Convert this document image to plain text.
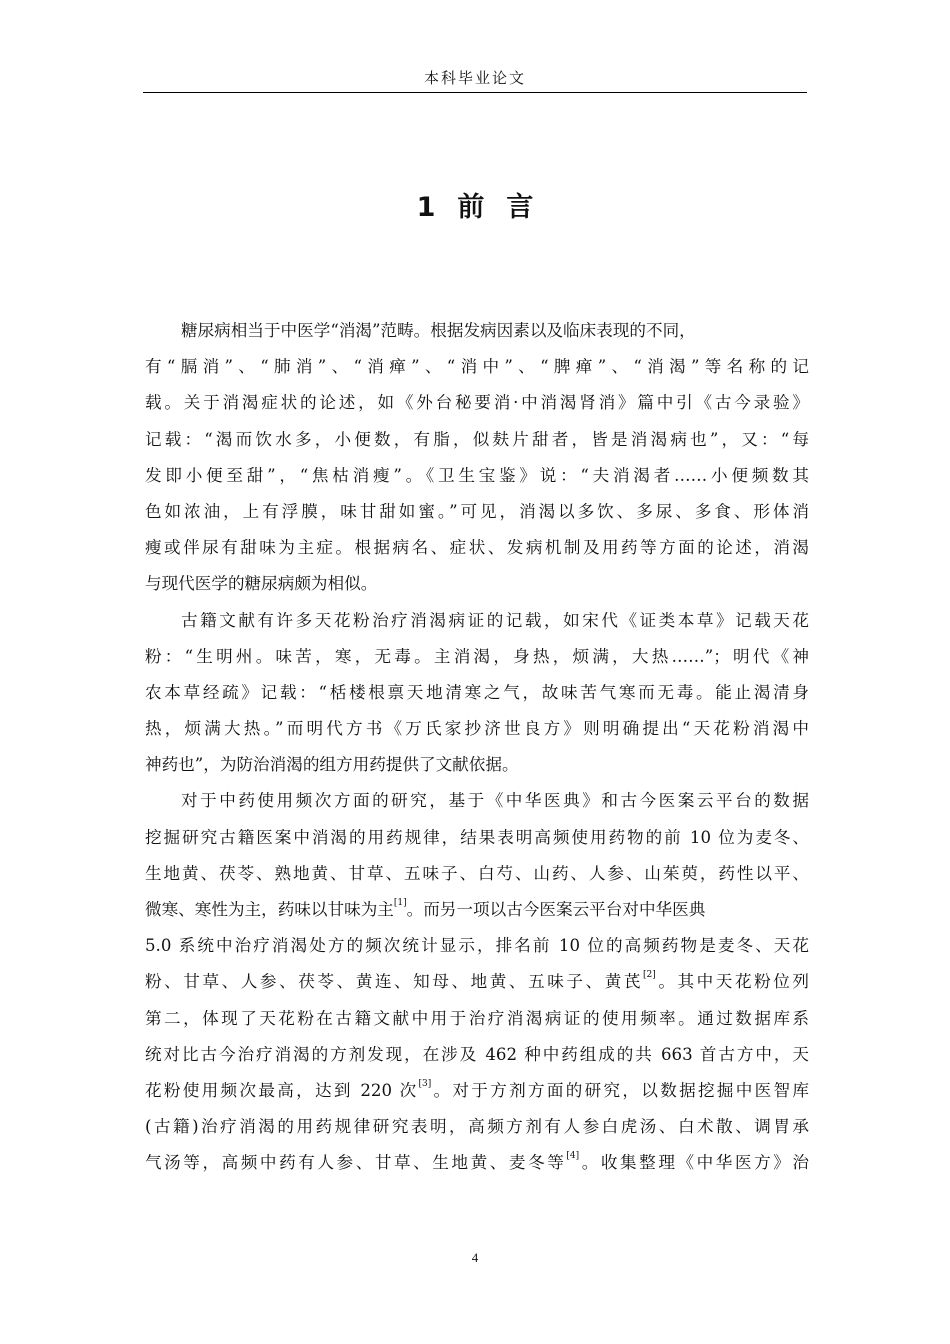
本科毕业论文
1 前 言
糖尿病相当于中医学“消渴”范畴。根据发病因素以及临床表现的不同，
有“膈消”、“肺消”、“消瘅”、“消中”、“脾瘅”、“消渴”等名称的记
载。关于消渴症状的论述，如《外台秘要消·中消渴肾消》篇中引《古今录验》
记载：“渴而饮水多，小便数，有脂，似麸片甜者，皆是消渴病也”，又：“每
发即小便至甜”，“焦枯消瘦”。《卫生宝鉴》说：“夫消渴者……小便频数其
色如浓油，上有浮膜，味甘甜如蜜。”可见，消渴以多饮、多尿、多食、形体消
瘦或伴尿有甜味为主症。根据病名、症状、发病机制及用药等方面的论述，消渴
与现代医学的糖尿病颇为相似。
古籍文献有许多天花粉治疗消渴病证的记载，如宋代《证类本草》记载天花
粉：“生明州。味苦，寒，无毒。主消渴，身热，烦满，大热……”；明代《神
农本草经疏》记载：“栝楼根禀天地清寒之气，故味苦气寒而无毒。能止渴清身
热，烦满大热。”而明代方书《万氏家抄济世良方》则明确提出“天花粉消渴中
神药也”，为防治消渴的组方用药提供了文献依据。
对于中药使用频次方面的研究，基于《中华医典》和古今医案云平台的数据
挖掘研究古籍医案中消渴的用药规律，结果表明高频使用药物的前 10 位为麦冬、
生地黄、茯苓、熟地黄、甘草、五味子、白芍、山药、人参、山茱萸，药性以平、
微寒、寒性为主，药味以甘味为主[1]。而另一项以古今医案云平台对中华医典
5.0 系统中治疗消渴处方的频次统计显示，排名前 10 位的高频药物是麦冬、天花
粉、甘草、人参、茯苓、黄连、知母、地黄、五味子、黄芪[2]。其中天花粉位列
第二，体现了天花粉在古籍文献中用于治疗消渴病证的使用频率。通过数据库系
统对比古今治疗消渴的方剂发现，在涉及 462 种中药组成的共 663 首古方中，天
花粉使用频次最高，达到 220 次[3]。对于方剂方面的研究，以数据挖掘中医智库
(古籍)治疗消渴的用药规律研究表明，高频方剂有人参白虎汤、白术散、调胃承
气汤等，高频中药有人参、甘草、生地黄、麦冬等[4]。收集整理《中华医方》治
4
